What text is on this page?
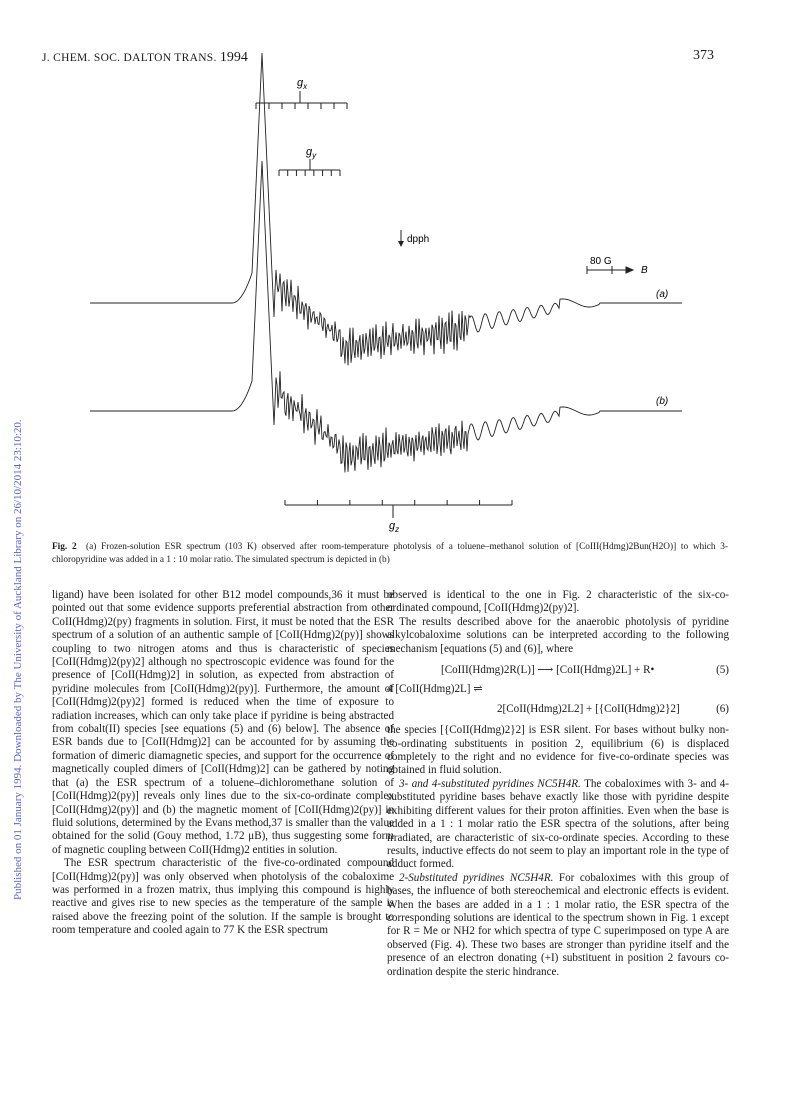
J. CHEM. SOC. DALTON TRANS. 1994	373
Published on 01 January 1994. Downloaded by The University of Auckland Library on 26/10/2014 23:10:20.
$g_x$
$g_y$
dpph
80 G
B
(a)
(b)
$g_z$
Fig. 2 (a) Frozen-solution ESR spectrum (103 K) observed after room-temperature photolysis of a toluene–methanol solution of [CoIII(Hdmg)2Bun(H2O)] to which 3-chloropyridine was added in a 1 : 10 molar ratio. The simulated spectrum is depicted in (b)

ligand) have been isolated for other B12 model compounds,36 it must be pointed out that some evidence supports preferential abstraction from other CoII(Hdmg)2(py) fragments in solution. First, it must be noted that the ESR spectrum of a solution of an authentic sample of [CoII(Hdmg)2(py)] shows coupling to two nitrogen atoms and thus is characteristic of species [CoII(Hdmg)2(py)2] although no spectroscopic evidence was found for the presence of [CoII(Hdmg)2] in solution, as expected from abstraction of pyridine molecules from [CoII(Hdmg)2(py)]. Furthermore, the amount of [CoII(Hdmg)2(py)2] formed is reduced when the time of exposure to radiation increases, which can only take place if pyridine is being abstracted from cobalt(II) species [see equations (5) and (6) below]. The absence of ESR bands due to [CoII(Hdmg)2] can be accounted for by assuming the formation of dimeric diamagnetic species, and support for the occurrence of magnetically coupled dimers of [CoII(Hdmg)2] can be gathered by noting that (a) the ESR spectrum of a toluene–dichloromethane solution of [CoII(Hdmg)2(py)] reveals only lines due to the six-co-ordinate complex [CoII(Hdmg)2(py)] and (b) the magnetic moment of [CoII(Hdmg)2(py)] in fluid solutions, determined by the Evans method,37 is smaller than the value obtained for the solid (Gouy method, 1.72 μB), thus suggesting some form of magnetic coupling between CoII(Hdmg)2 entities in solution.

The ESR spectrum characteristic of the five-co-ordinated compound [CoII(Hdmg)2(py)] was only observed when photolysis of the cobaloxime was performed in a frozen matrix, thus implying this compound is highly reactive and gives rise to new species as the temperature of the sample is raised above the freezing point of the solution. If the sample is brought to room temperature and cooled again to 77 K the ESR spectrum

observed is identical to the one in Fig. 2 characteristic of the six-co-ordinated compound, [CoII(Hdmg)2(py)2].

The results described above for the anaerobic photolysis of pyridine alkylcobaloxime solutions can be interpreted according to the following mechanism [equations (5) and (6)], where

[CoIII(Hdmg)2R(L)] ⟶ [CoII(Hdmg)2L] + R•	(5)
4 [CoII(Hdmg)2L] ⇌
2[CoII(Hdmg)2L2] + [{CoII(Hdmg)2}2]	(6)

the species [{CoII(Hdmg)2}2] is ESR silent. For bases without bulky non-co-ordinating substituents in position 2, equilibrium (6) is displaced completely to the right and no evidence for five-co-ordinate species was obtained in fluid solution.

3- and 4-substituted pyridines NC5H4R. The cobaloximes with 3- and 4-substituted pyridine bases behave exactly like those with pyridine despite exhibiting different values for their proton affinities. Even when the base is added in a 1 : 1 molar ratio the ESR spectra of the solutions, after being irradiated, are characteristic of six-co-ordinate species. According to these results, inductive effects do not seem to play an important role in the type of adduct formed.

2-Substituted pyridines NC5H4R. For cobaloximes with this group of bases, the influence of both stereochemical and electronic effects is evident. When the bases are added in a 1 : 1 molar ratio, the ESR spectra of the corresponding solutions are identical to the spectrum shown in Fig. 1 except for R = Me or NH2 for which spectra of type C superimposed on type A are observed (Fig. 4). These two bases are stronger than pyridine itself and the presence of an electron donating (+I) substituent in position 2 favours co-ordination despite the steric hindrance.
